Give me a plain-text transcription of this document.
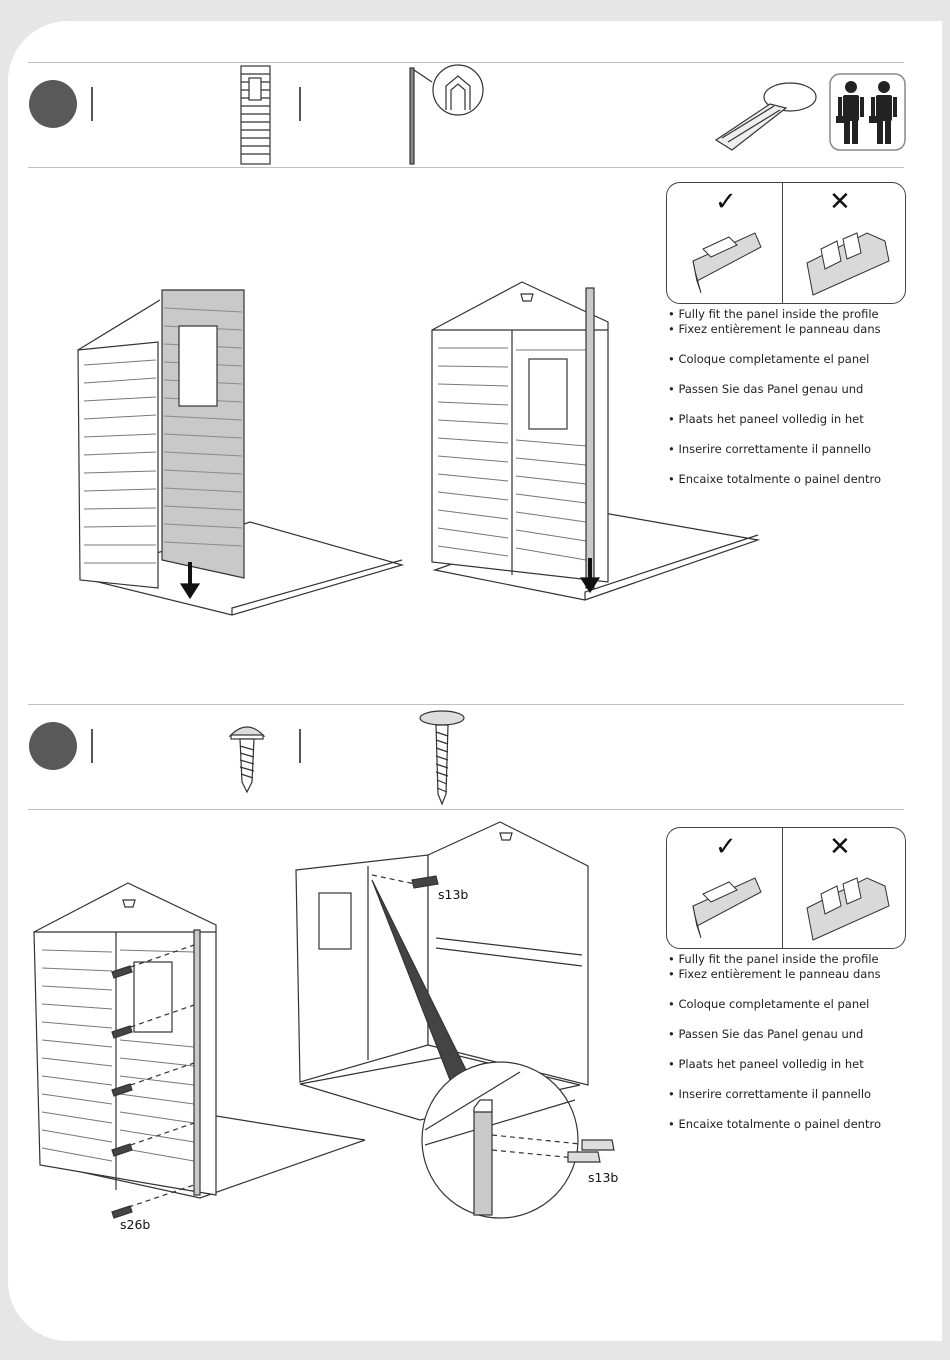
✓	✕
• Fully fit the panel inside the profile
• Fixez entièrement le panneau dans
• Coloque completamente el panel
• Passen Sie das Panel genau und
• Plaats het paneel volledig in het
• Inserire correttamente il pannello
• Encaixe totalmente o painel dentro
s13b
s26b
s13b
✓	✕
• Fully fit the panel inside the profile
• Fixez entièrement le panneau dans
• Coloque completamente el panel
• Passen Sie das Panel genau und
• Plaats het paneel volledig in het
• Inserire correttamente il pannello
• Encaixe totalmente o painel dentro
